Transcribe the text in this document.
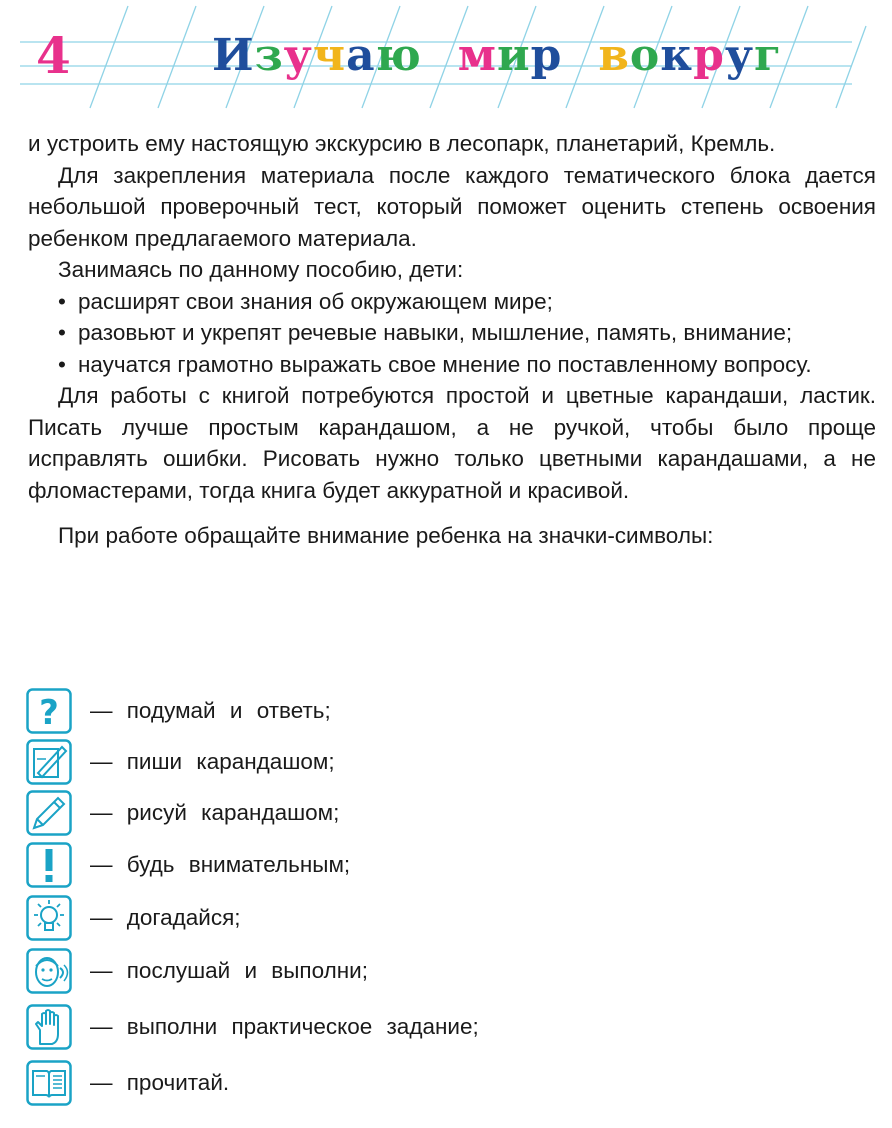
4	Изучаю мир вокруг

и устроить ему настоящую экскурсию в лесопарк, планетарий, Кремль.

Для закрепления материала после каждого тематического блока дается небольшой проверочный тест, который поможет оценить степень освоения ребенком предлагаемого материала.

Занимаясь по данному пособию, дети:

• расширят свои знания об окружающем мире;
• разовьют и укрепят речевые навыки, мышление, память, внимание;
• научатся грамотно выражать свое мнение по поставленному вопросу.

Для работы с книгой потребуются простой и цветные карандаши, ластик. Писать лучше простым карандашом, а не ручкой, чтобы было проще исправлять ошибки. Рисовать нужно только цветными карандашами, а не фломастерами, тогда книга будет аккуратной и красивой.

При работе обращайте внимание ребенка на значки-символы:

? — подумай и ответь;
— пиши карандашом;
— рисуй карандашом;
— будь внимательным;
— догадайся;
— послушай и выполни;
— выполни практическое задание;
— прочитай.
